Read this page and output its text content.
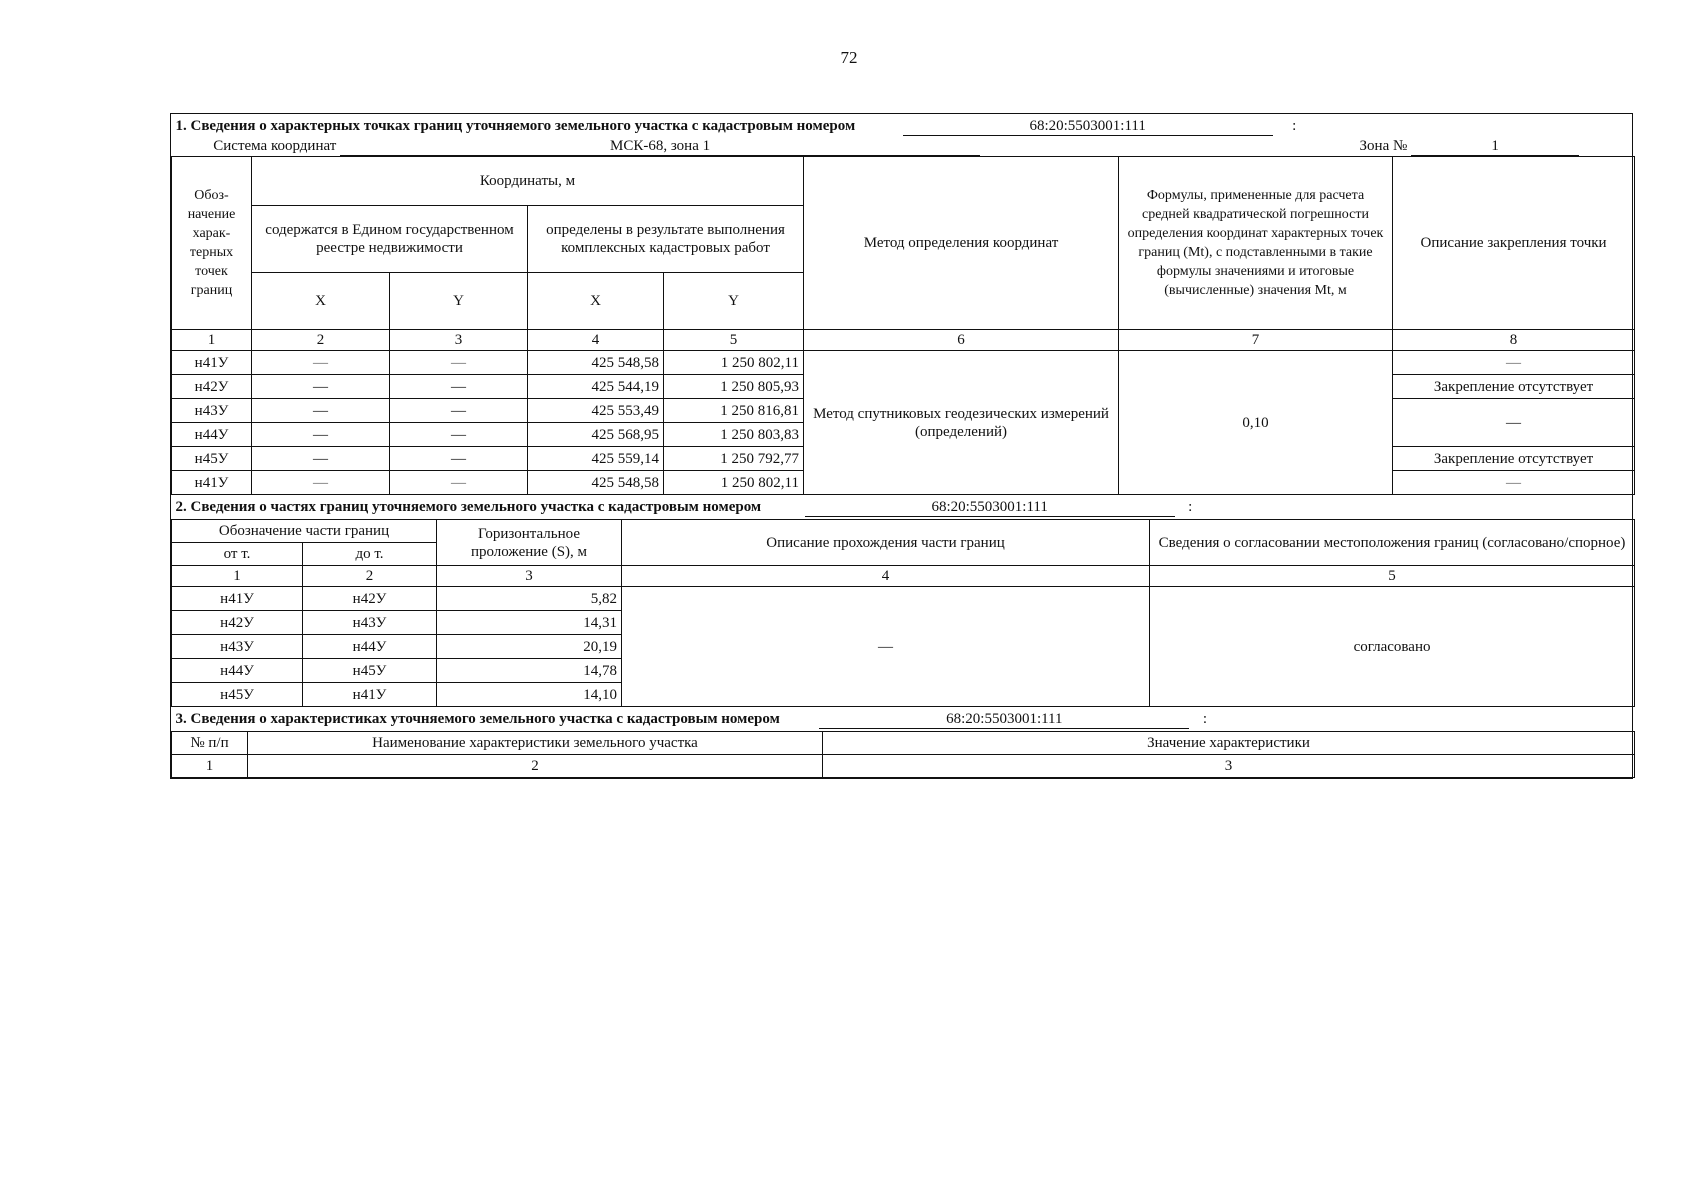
72
1. Сведения о характерных точках границ уточняемого земельного участка с кадастровым номером 68:20:5503001:111 :
Система координат МСК-68, зона 1 Зона № 1							
Обоз-начение харак-терных точек границ	Координаты, м				Метод определения координат	Формулы, примененные для расчета средней квадратической погрешности определения координат характерных точек границ (Mt), с подставленными в такие формулы значениями и итоговые (вычисленные) значения Mt, м	Описание закрепления точки
	содержатся в Едином государственном реестре недвижимости		определены в результате выполнения комплексных кадастровых работ				
	X	Y	X	Y			
1	2	3	4	5	6	7	8
н41У	—	—	425 548,58	1 250 802,11	Метод спутниковых геодезических измерений (определений)	0,10	—
н42У	—	—	425 544,19	1 250 805,93			Закрепление отсутствует
н43У	—	—	425 553,49	1 250 816,81			—
н44У	—	—	425 568,95	1 250 803,83			
н45У	—	—	425 559,14	1 250 792,77			Закрепление отсутствует
н41У	—	—	425 548,58	1 250 802,11			—
2. Сведения о частях границ уточняемого земельного участка с кадастровым номером 68:20:5503001:111 :				
Обозначение части границ		Горизонтальное проложение (S), м	Описание прохождения части границ	Сведения о согласовании местоположения границ (согласовано/спорное)
от т.	до т.			
1	2	3	4	5
н41У	н42У	5,82	—	согласовано
н42У	н43У	14,31		
н43У	н44У	20,19		
н44У	н45У	14,78		
н45У	н41У	14,10		
3. Сведения о характеристиках уточняемого земельного участка с кадастровым номером 68:20:5503001:111 :		
№ п/п	Наименование характеристики земельного участка	Значение характеристики
1	2	3
